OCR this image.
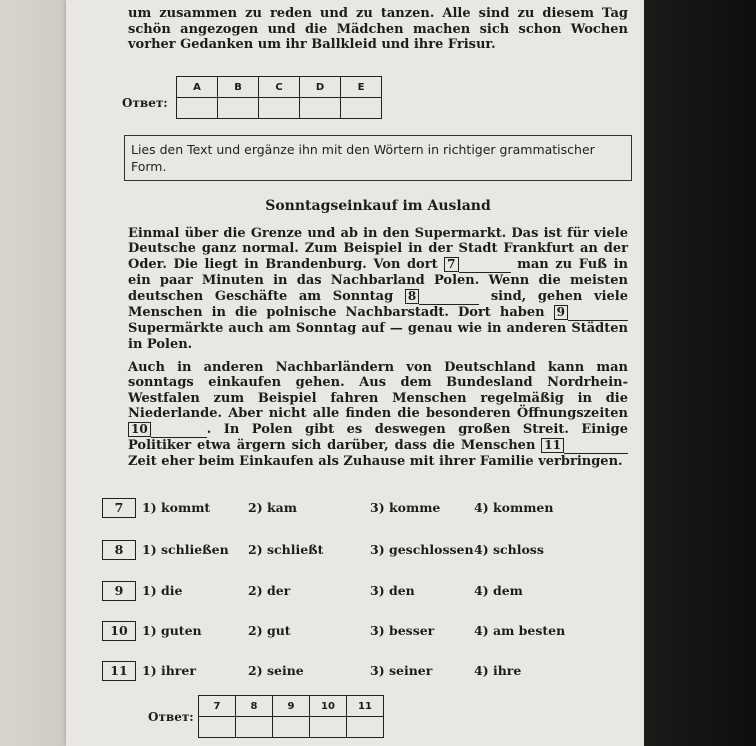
um zusammen zu reden und zu tanzen. Alle sind zu diesem Tag schön angezogen und die Mädchen machen sich schon Wochen vorher Gedanken um ihr Ballkleid und ihre Frisur.
Ответ:
A	B	C	D	E

Lies den Text und ergänze ihn mit den Wörtern in richtiger grammatischer Form.
Sonntagseinkauf im Ausland
Einmal über die Grenze und ab in den Supermarkt. Das ist für viele Deutsche ganz normal. Zum Beispiel in der Stadt Frankfurt an der Oder. Die liegt in Brandenburg. Von dort 7	man zu Fuß in ein paar Minuten in das Nachbarland Polen. Wenn die meisten deutschen Geschäfte am Sonntag 8	sind, gehen viele Menschen in die polnische Nachbarstadt. Dort haben 9  Supermärkte auch am Sonntag auf — genau wie in anderen Städten in Polen.
Auch in anderen Nachbarländern von Deutschland kann man sonntags einkaufen gehen. Aus dem Bundesland Nordrhein-Westfalen zum Beispiel fahren Menschen regelmäßig in die Niederlande. Aber nicht alle finden die besonderen Öffnungszeiten 10	. In Polen gibt es deswegen großen Streit. Einige Politiker etwa ärgern sich darüber, dass die Menschen 11  Zeit eher beim Einkaufen als Zuhause mit ihrer Familie verbringen.
7	1) kommt	2) kam	3) komme	4) kommen
8	1) schließen 2) schließt	3) geschlossen 4) schloss
9	1) die	2) der	3) den	4) dem
10	1) guten	2) gut	3) besser	4) am besten
11	1) ihrer	2) seine	3) seiner	4) ihre
Ответ:
7	8	9	10	11
